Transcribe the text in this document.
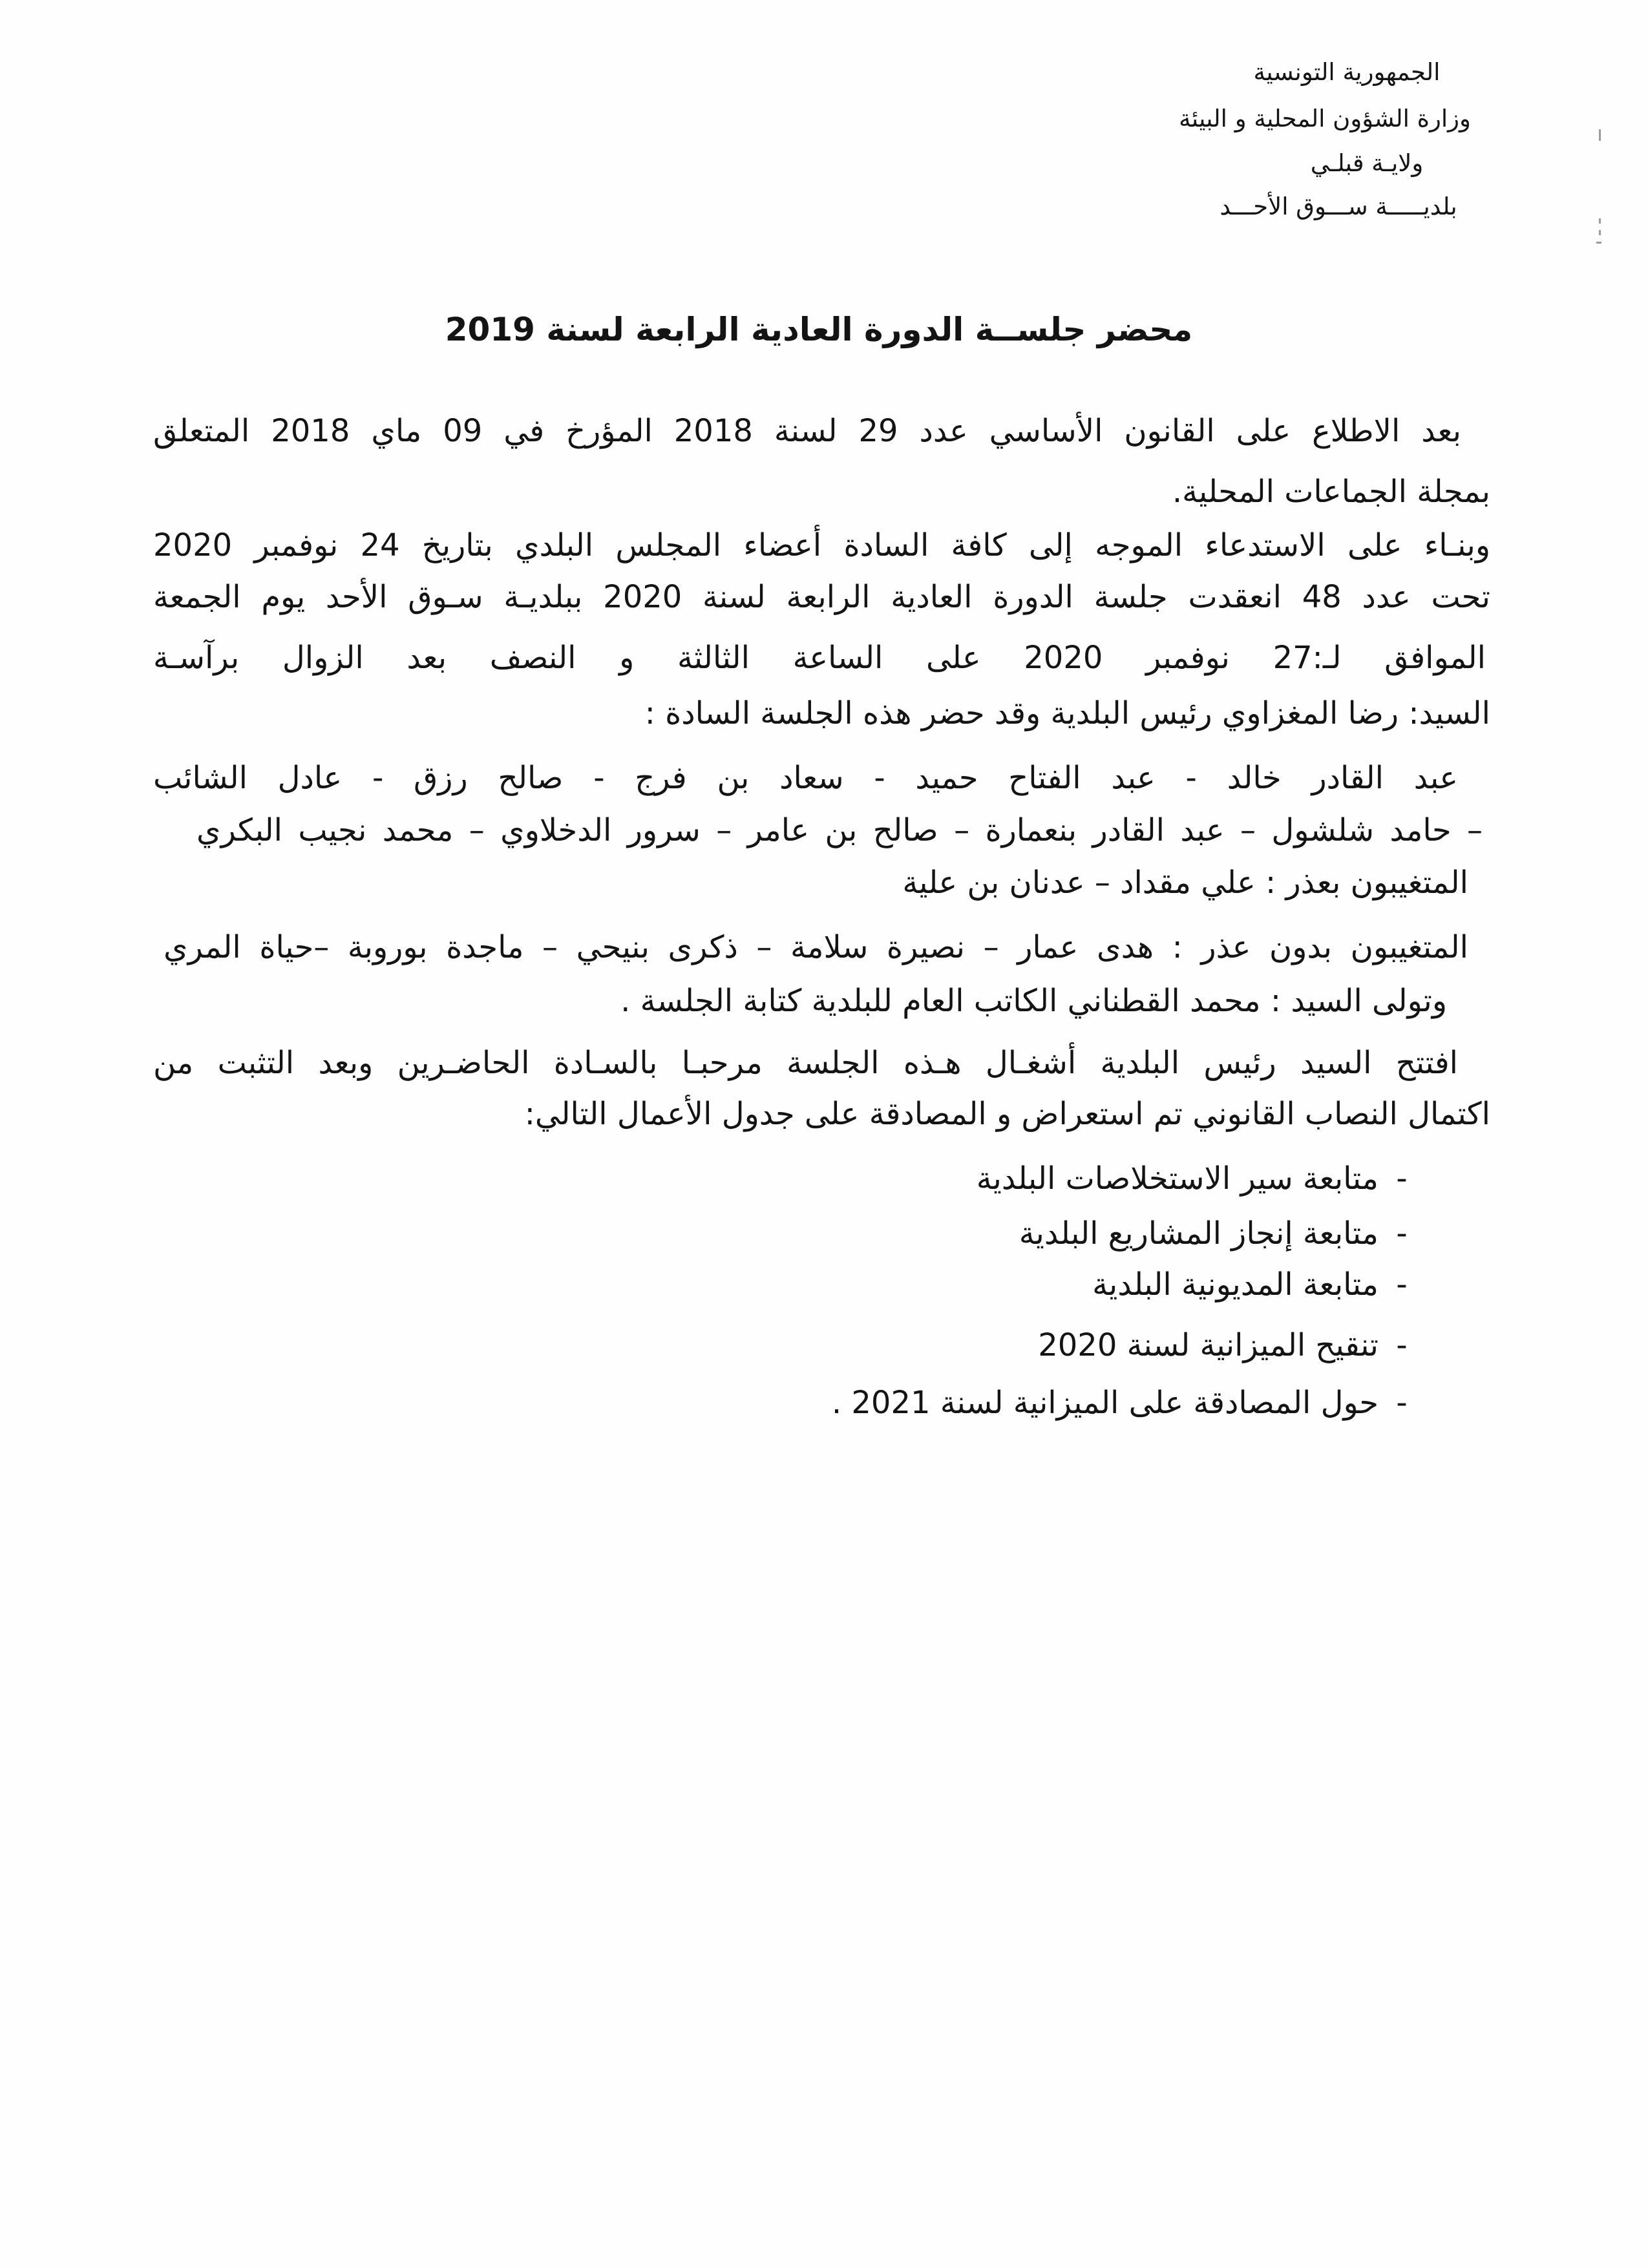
الجمهورية التونسية
وزارة الشؤون المحلية و البيئة
ولايـة قبلـي
بلديـــــة ســـوق الأحـــد
محضر جلســة الدورة العادية الرابعة لسنة 2019
بعد الاطلاع على القانون الأساسي عدد 29 لسنة 2018 المؤرخ في 09 ماي 2018 المتعلق
بمجلة الجماعات المحلية.
وبنـاء على الاستدعاء الموجه إلى كافة السادة أعضاء المجلس البلدي بتاريخ 24 نوفمبر 2020
تحت عدد 48 انعقدت جلسة الدورة العادية الرابعة لسنة 2020 ببلديـة سـوق الأحد يوم الجمعة
الموافق لـ:27 نوفمبر 2020 على الساعة الثالثة و النصف بعد الزوال برآسـة
السيد: رضا المغزاوي رئيس البلدية وقد حضر هذه الجلسة السادة :
عبد القادر خالد - عبد الفتاح حميد - سعاد بن فرج - صالح رزق - عادل الشائب
– حامد شلشول – عبد القادر بنعمارة – صالح بن عامر – سرور الدخلاوي – محمد نجيب البكري
المتغيبون بعذر : علي مقداد – عدنان بن علية
المتغيبون بدون عذر : هدى عمار – نصيرة سلامة – ذكرى بنيحي – ماجدة بوروبة –حياة المري
وتولى السيد : محمد القطناني الكاتب العام للبلدية كتابة الجلسة .
افتتح السيد رئيس البلدية أشغـال هـذه الجلسة مرحبـا بالسـادة الحاضـرين وبعد التثبت من
اكتمال النصاب القانوني تم استعراض و المصادقة على جدول الأعمال التالي:
-متابعة سير الاستخلاصات البلدية
-متابعة إنجاز المشاريع البلدية
-متابعة المديونية البلدية
-تنقيح الميزانية لسنة 2020
-حول المصادقة على الميزانية لسنة 2021 .
